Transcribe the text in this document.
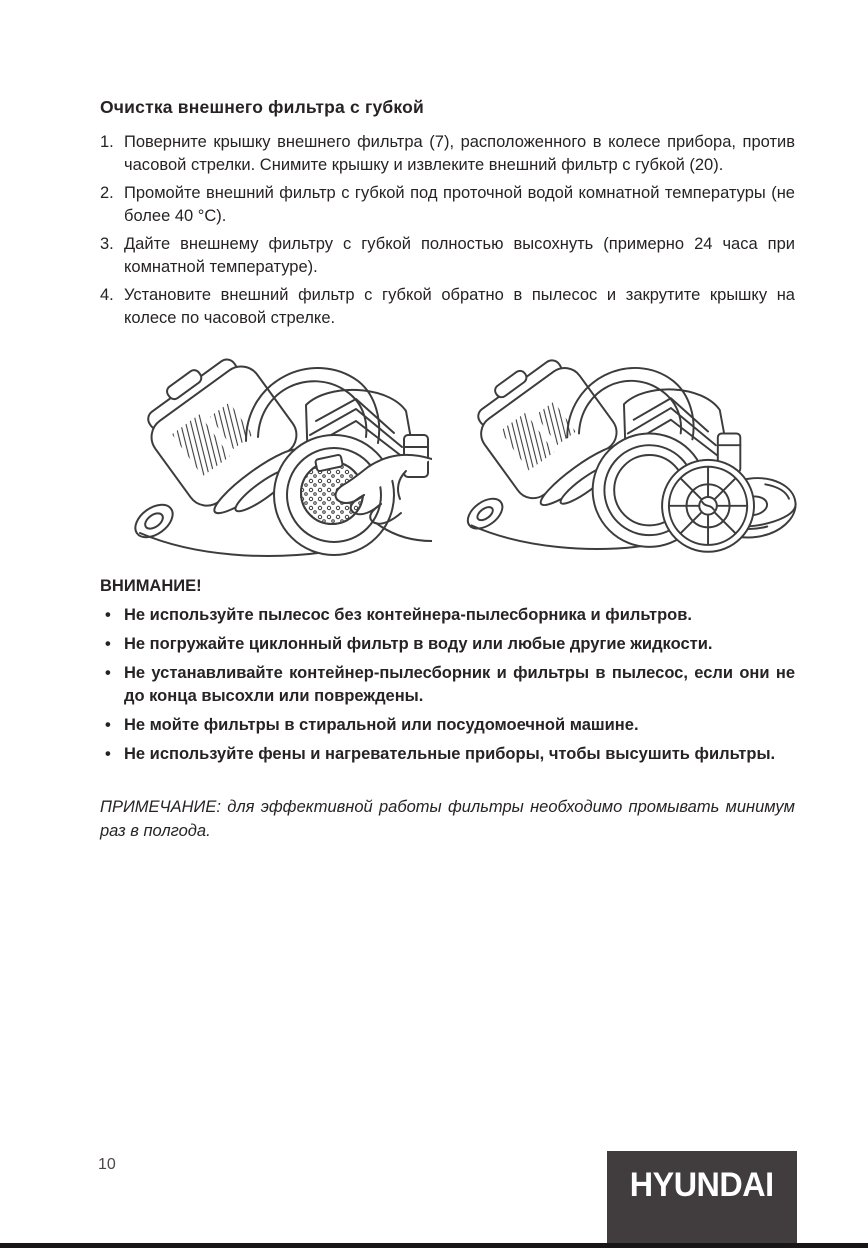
Очистка внешнего фильтра с губкой
1. Поверните крышку внешнего фильтра (7), расположенного в колесе прибора, против часовой стрелки. Снимите крышку и извлеките внешний фильтр с губкой (20).
2. Промойте внешний фильтр с губкой под проточной водой комнатной температуры (не более 40 °C).
3. Дайте внешнему фильтру с губкой полностью высохнуть (примерно 24 часа при комнатной температуре).
4. Установите внешний фильтр с губкой обратно в пылесос и закрутите крышку на колесе по часовой стрелке.
ВНИМАНИЕ!
• Не используйте пылесос без контейнера-пылесборника и фильтров.
• Не погружайте циклонный фильтр в воду или любые другие жидкости.
• Не устанавливайте контейнер-пылесборник и фильтры в пылесос, если они не до конца высохли или повреждены.
• Не мойте фильтры в стиральной или посудомоечной машине.
• Не используйте фены и нагревательные приборы, чтобы высушить фильтры.

ПРИМЕЧАНИЕ: для эффективной работы фильтры необходимо промывать минимум раз в полгода.

10
HYUNDAI
